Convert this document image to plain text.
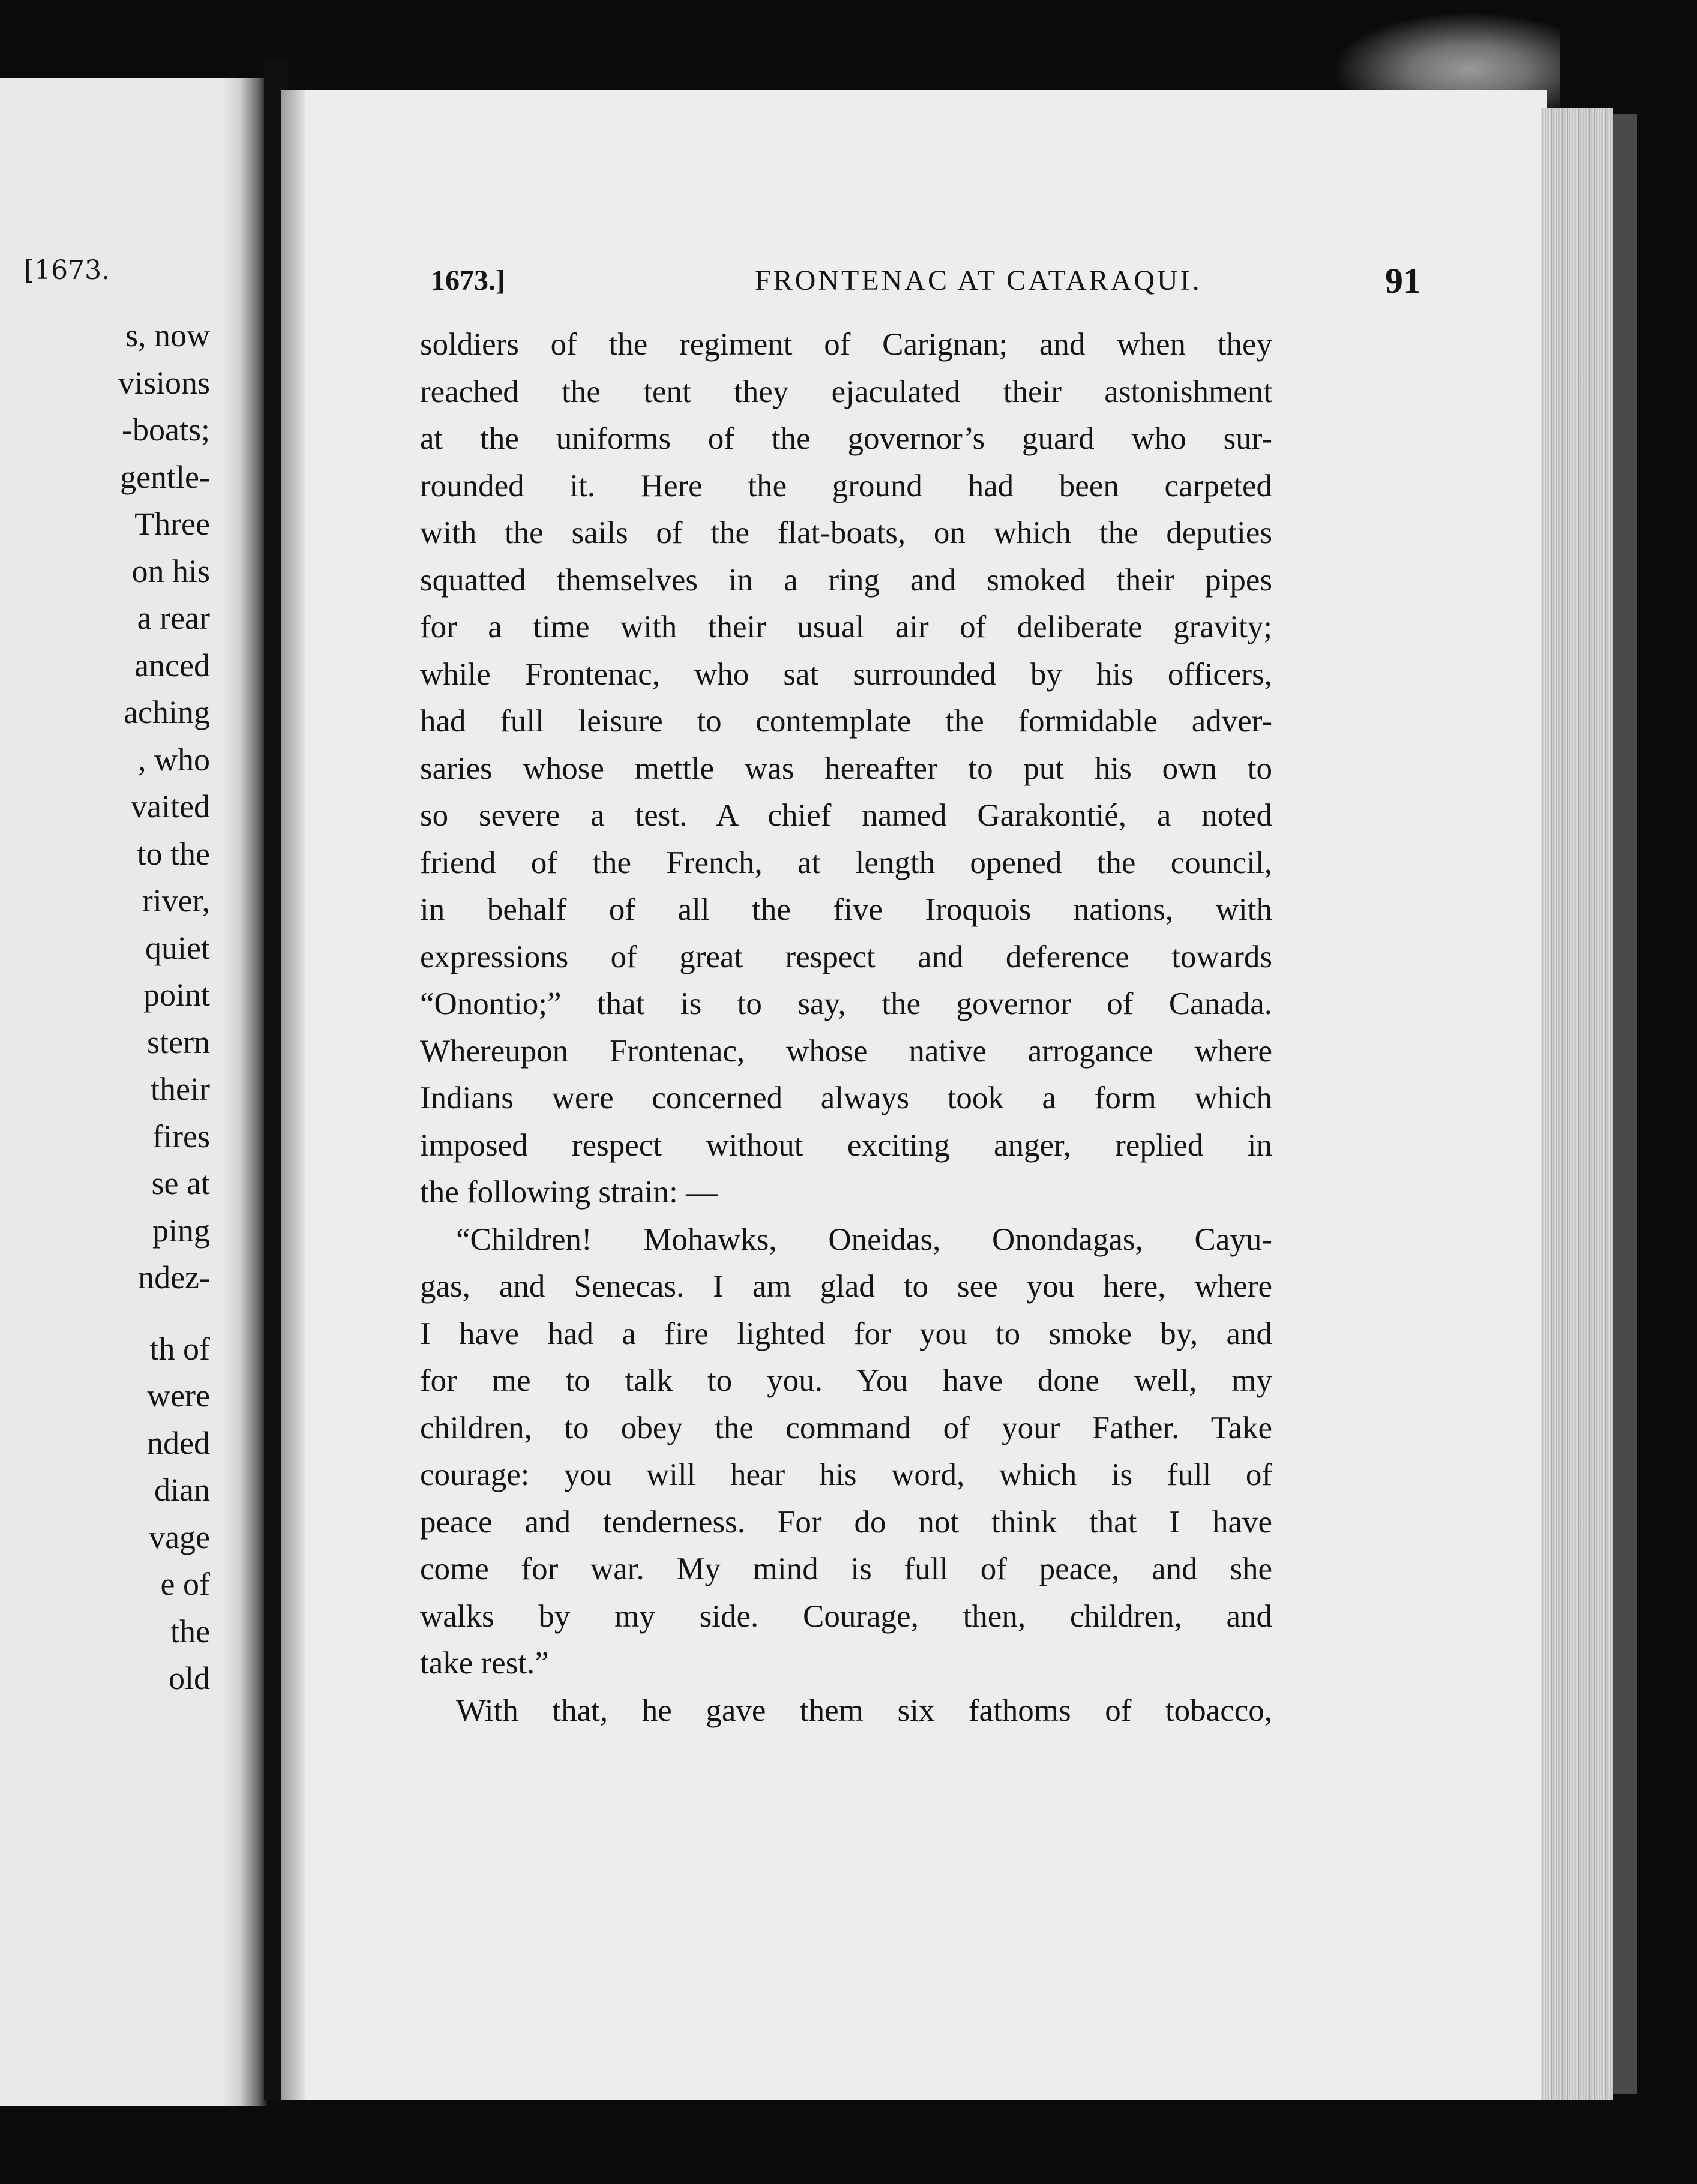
[1673.

s, now
visions
-boats;
gentle-
Three
on his
a rear
anced
aching
, who
vaited
to the
river,
quiet
point
stern
their
fires
se at
ping
ndez-
th of
were
nded
dian
vage
e of
the
old
1673.]	FRONTENAC AT CATARAQUI.	91
soldiers of the regiment of Carignan; and when they
reached the tent they ejaculated their astonishment
at the uniforms of the governor’s guard who sur-
rounded it. Here the ground had been carpeted
with the sails of the flat-boats, on which the deputies
squatted themselves in a ring and smoked their pipes
for a time with their usual air of deliberate gravity;
while Frontenac, who sat surrounded by his officers,
had full leisure to contemplate the formidable adver-
saries whose mettle was hereafter to put his own to
so severe a test. A chief named Garakontié, a noted
friend of the French, at length opened the council,
in behalf of all the five Iroquois nations, with
expressions of great respect and deference towards
“Onontio;” that is to say, the governor of Canada.
Whereupon Frontenac, whose native arrogance where
Indians were concerned always took a form which
imposed respect without exciting anger, replied in
the following strain: —
“Children! Mohawks, Oneidas, Onondagas, Cayu-
gas, and Senecas. I am glad to see you here, where
I have had a fire lighted for you to smoke by, and
for me to talk to you. You have done well, my
children, to obey the command of your Father. Take
courage: you will hear his word, which is full of
peace and tenderness. For do not think that I have
come for war. My mind is full of peace, and she
walks by my side. Courage, then, children, and
take rest.”
With that, he gave them six fathoms of tobacco,
